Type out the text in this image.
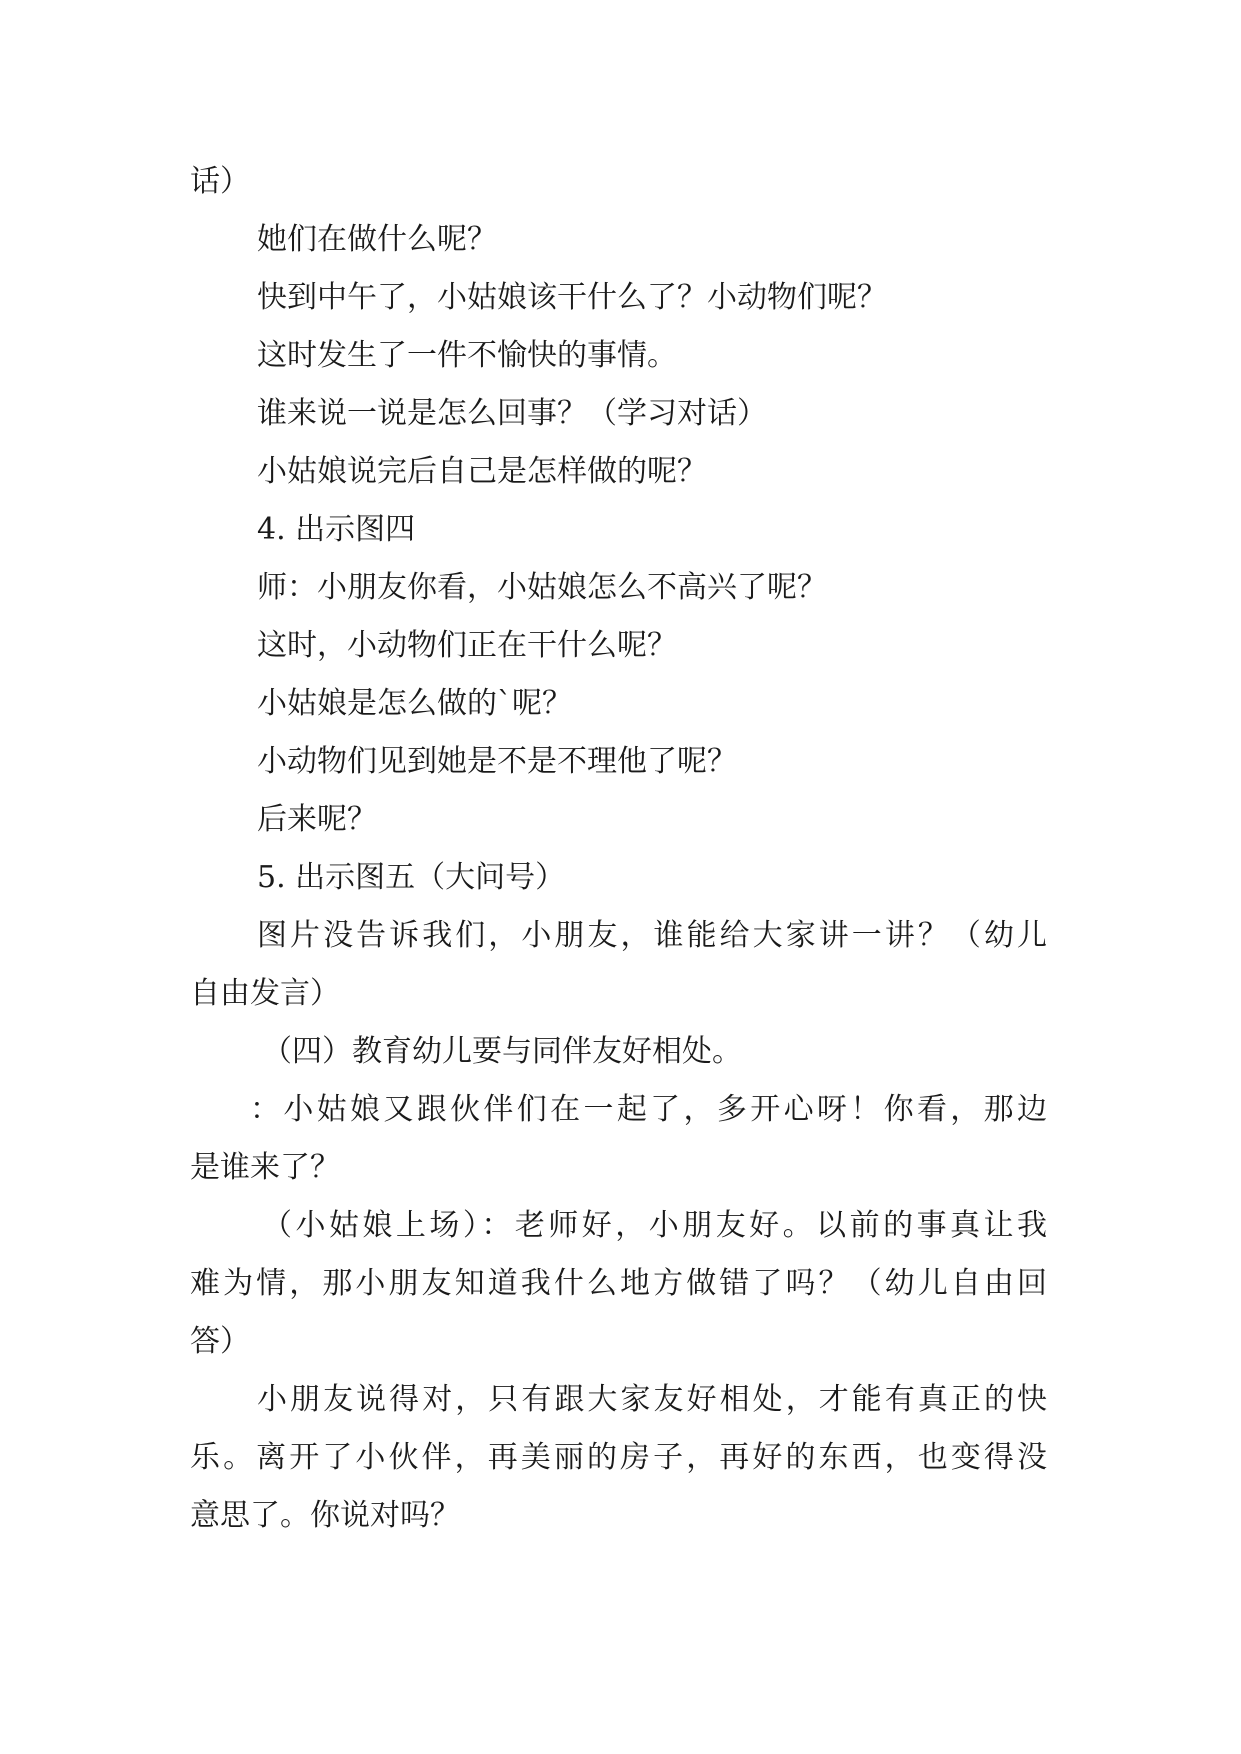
话）
她们在做什么呢？
快到中午了，小姑娘该干什么了？小动物们呢？
这时发生了一件不愉快的事情。
谁来说一说是怎么回事？（学习对话）
小姑娘说完后自己是怎样做的呢？
4. 出示图四
师：小朋友你看，小姑娘怎么不高兴了呢？
这时，小动物们正在干什么呢？
小姑娘是怎么做的`呢？
小动物们见到她是不是不理他了呢？
后来呢？
5. 出示图五（大问号）
图片没告诉我们，小朋友，谁能给大家讲一讲？（幼儿
自由发言）
（四）教育幼儿要与同伴友好相处。
：小姑娘又跟伙伴们在一起了，多开心呀！你看，那边
是谁来了？
（小姑娘上场）：老师好，小朋友好。以前的事真让我
难为情，那小朋友知道我什么地方做错了吗？（幼儿自由回
答）
小朋友说得对，只有跟大家友好相处，才能有真正的快
乐。离开了小伙伴，再美丽的房子，再好的东西，也变得没
意思了。你说对吗？
